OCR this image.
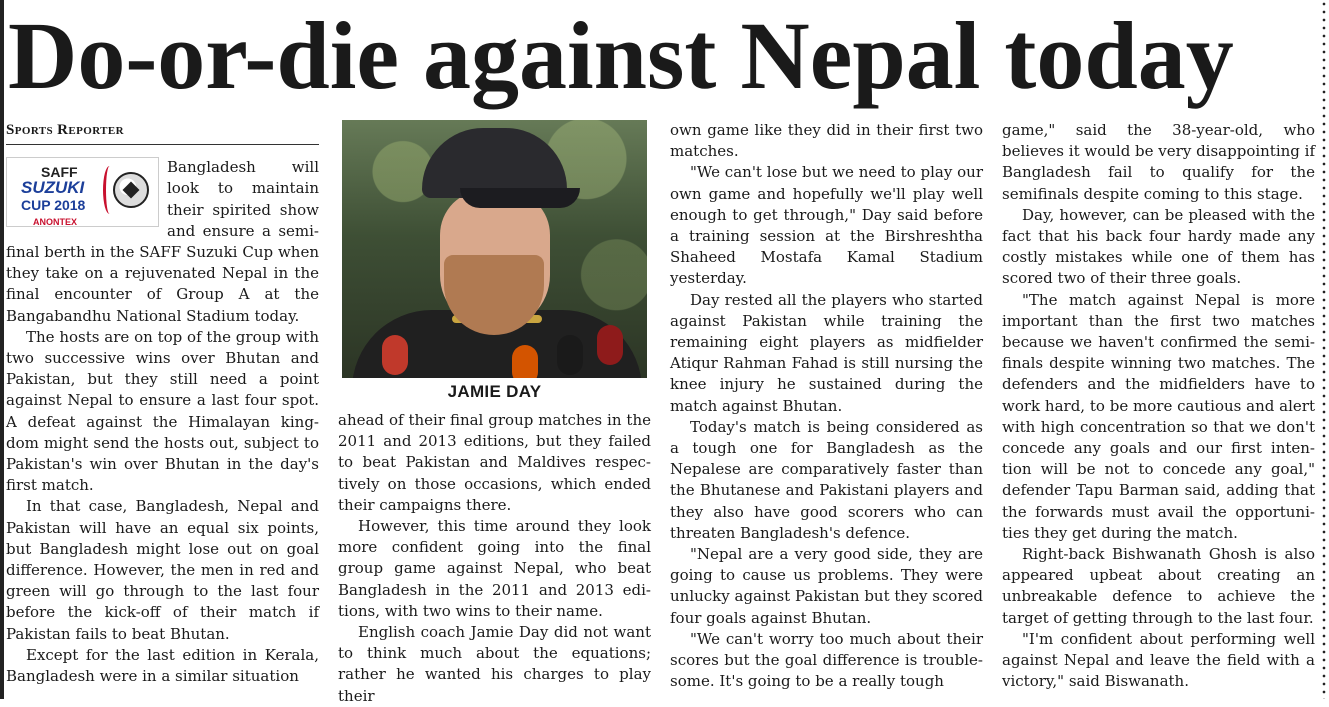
Do-or-die against Nepal today
Sports Reporter
SAFF
SUZUKI
CUP 2018
ANONTEX

Bangladesh will look to maintain their spirited show and ensure a semi-final berth in the SAFF Suzuki Cup when they take on a rejuvenated Nepal in the final encounter of Group A at the Bangabandhu National Stadium today.

The hosts are on top of the group with two successive wins over Bhutan and Pakistan, but they still need a point against Nepal to ensure a last four spot. A defeat against the Himalayan king-dom might send the hosts out, subject to Pakistan's win over Bhutan in the day's first match.

In that case, Bangladesh, Nepal and Pakistan will have an equal six points, but Bangladesh might lose out on goal difference. However, the men in red and green will go through to the last four before the kick-off of their match if Pakistan fails to beat Bhutan.

Except for the last edition in Kerala, Bangladesh were in a similar situation

JAMIE DAY

ahead of their final group matches in the 2011 and 2013 editions, but they failed to beat Pakistan and Maldives respec-tively on those occasions, which ended their campaigns there.

However, this time around they look more confident going into the final group game against Nepal, who beat Bangladesh in the 2011 and 2013 edi-tions, with two wins to their name.

English coach Jamie Day did not want to think much about the equations; rather he wanted his charges to play their

own game like they did in their first two matches.

"We can't lose but we need to play our own game and hopefully we'll play well enough to get through," Day said before a training session at the Birshreshtha Shaheed Mostafa Kamal Stadium yesterday.

Day rested all the players who started against Pakistan while training the remaining eight players as midfielder Atiqur Rahman Fahad is still nursing the knee injury he sustained during the match against Bhutan.

Today's match is being considered as a tough one for Bangladesh as the Nepalese are comparatively faster than the Bhutanese and Pakistani players and they also have good scorers who can threaten Bangladesh's defence.

"Nepal are a very good side, they are going to cause us problems. They were unlucky against Pakistan but they scored four goals against Bhutan.

"We can't worry too much about their scores but the goal difference is trouble-some. It's going to be a really tough

game," said the 38-year-old, who believes it would be very disappointing if Bangladesh fail to qualify for the semifinals despite coming to this stage.

Day, however, can be pleased with the fact that his back four hardy made any costly mistakes while one of them has scored two of their three goals.

"The match against Nepal is more important than the first two matches because we haven't confirmed the semi-finals despite winning two matches. The defenders and the midfielders have to work hard, to be more cautious and alert with high concentration so that we don't concede any goals and our first inten-tion will be not to concede any goal," defender Tapu Barman said, adding that the forwards must avail the opportuni-ties they get during the match.

Right-back Bishwanath Ghosh is also appeared upbeat about creating an unbreakable defence to achieve the target of getting through to the last four.

"I'm confident about performing well against Nepal and leave the field with a victory," said Biswanath.
